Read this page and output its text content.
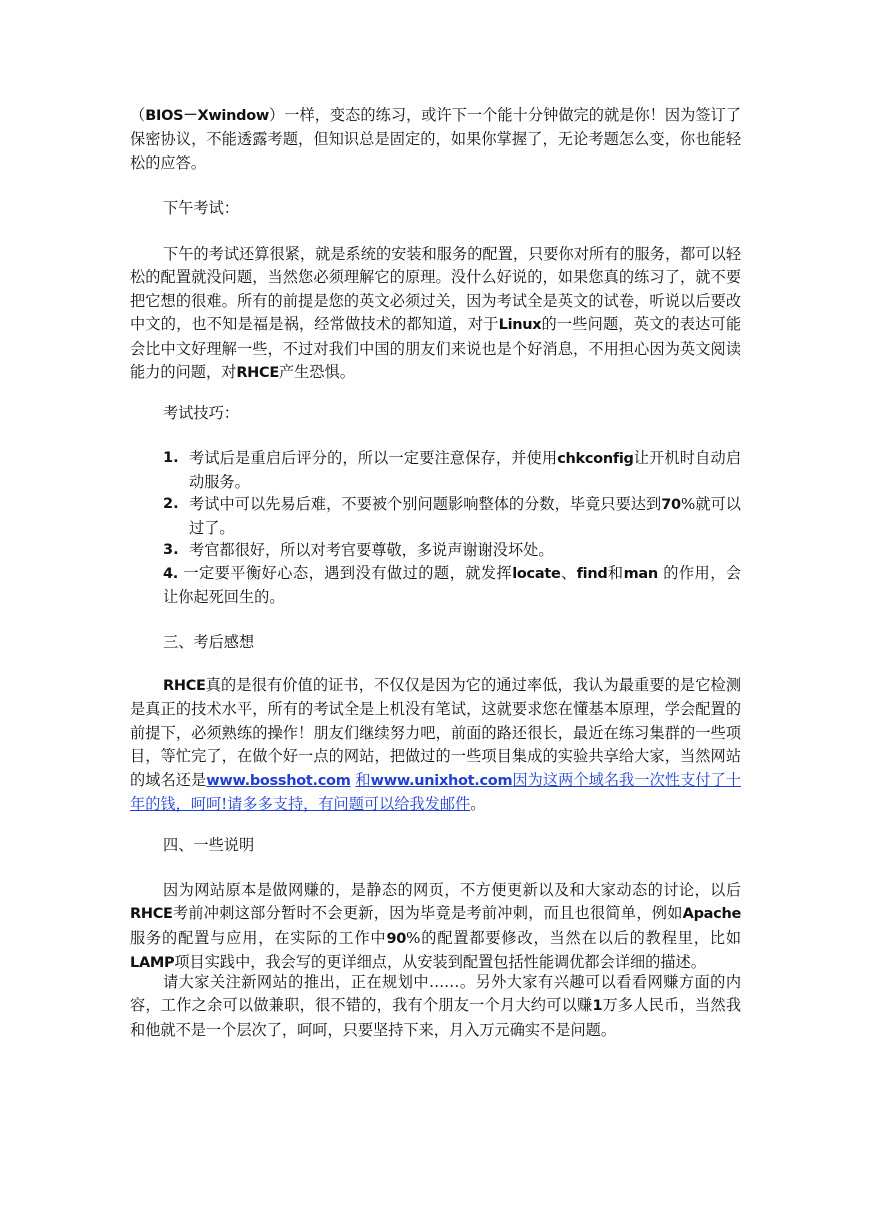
（BIOS－Xwindow）一样，变态的练习，或许下一个能十分钟做完的就是你！因为签订了保密协议，不能透露考题，但知识总是固定的，如果你掌握了，无论考题怎么变，你也能轻松的应答。

下午考试：

下午的考试还算很紧，就是系统的安装和服务的配置，只要你对所有的服务，都可以轻松的配置就没问题，当然您必须理解它的原理。没什么好说的，如果您真的练习了，就不要把它想的很难。所有的前提是您的英文必须过关，因为考试全是英文的试卷，听说以后要改中文的，也不知是福是祸，经常做技术的都知道，对于Linux的一些问题，英文的表达可能会比中文好理解一些，不过对我们中国的朋友们来说也是个好消息，不用担心因为英文阅读能力的问题，对RHCE产生恐惧。

考试技巧：

1. 考试后是重启后评分的，所以一定要注意保存，并使用chkconfig让开机时自动启动服务。
2. 考试中可以先易后难，不要被个别问题影响整体的分数，毕竟只要达到70%就可以过了。
3. 考官都很好，所以对考官要尊敬，多说声谢谢没坏处。
4. 一定要平衡好心态，遇到没有做过的题，就发挥locate、find和man 的作用，会让你起死回生的。

三、考后感想

RHCE真的是很有价值的证书，不仅仅是因为它的通过率低，我认为最重要的是它检测是真正的技术水平，所有的考试全是上机没有笔试，这就要求您在懂基本原理，学会配置的前提下，必须熟练的操作！朋友们继续努力吧，前面的路还很长，最近在练习集群的一些项目，等忙完了，在做个好一点的网站，把做过的一些项目集成的实验共享给大家，当然网站的域名还是www.bosshot.com 和www.unixhot.com因为这两个域名我一次性支付了十年的钱，呵呵!请多多支持，有问题可以给我发邮件。

四、一些说明

因为网站原本是做网赚的，是静态的网页，不方便更新以及和大家动态的讨论，以后RHCE考前冲刺这部分暂时不会更新，因为毕竟是考前冲刺，而且也很简单，例如Apache服务的配置与应用，在实际的工作中90%的配置都要修改，当然在以后的教程里，比如LAMP项目实践中，我会写的更详细点，从安装到配置包括性能调优都会详细的描述。

请大家关注新网站的推出，正在规划中……。另外大家有兴趣可以看看网赚方面的内容，工作之余可以做兼职，很不错的，我有个朋友一个月大约可以赚1万多人民币，当然我和他就不是一个层次了，呵呵，只要坚持下来，月入万元确实不是问题。
